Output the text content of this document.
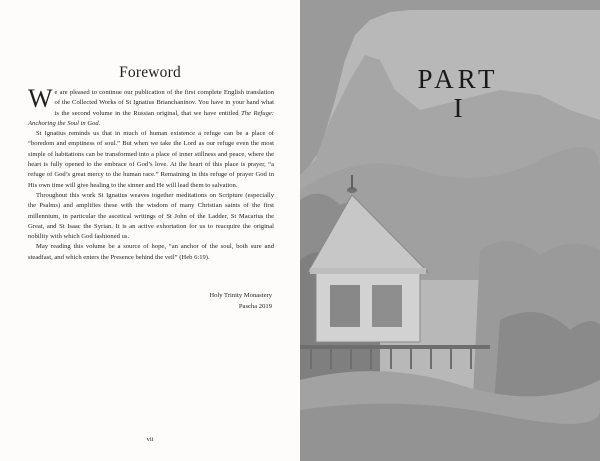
Foreword

We are pleased to continue our publication of the first complete English translation of the Collected Works of St Ignatius Brianchaninov. You have in your hand what is the second volume in the Russian original, that we have entitled The Refuge: Anchoring the Soul in God.

St Ignatius reminds us that in much of human existence a refuge can be a place of “boredom and emptiness of soul.” But when we take the Lord as our refuge even the most simple of habitations can be transformed into a place of inner stillness and peace, where the heart is fully opened to the embrace of God’s love. At the heart of this place is prayer, “a refuge of God’s great mercy to the human race.” Remaining in this refuge of prayer God in His own time will give healing to the sinner and He will lead them to salvation.

Throughout this work St Ignatius weaves together meditations on Scripture (especially the Psalms) and amplifies these with the wisdom of many Christian saints of the first millennium, in particular the ascetical writings of St John of the Ladder, St Macarius the Great, and St Isaac the Syrian. It is an active exhortation for us to reacquire the original nobility with which God fashioned us.

May reading this volume be a source of hope, “an anchor of the soul, both sure and steadfast, and which enters the Presence behind the veil” (Heb 6:19).

Holy Trinity Monastery
Pascha 2019
vii
PART
I
